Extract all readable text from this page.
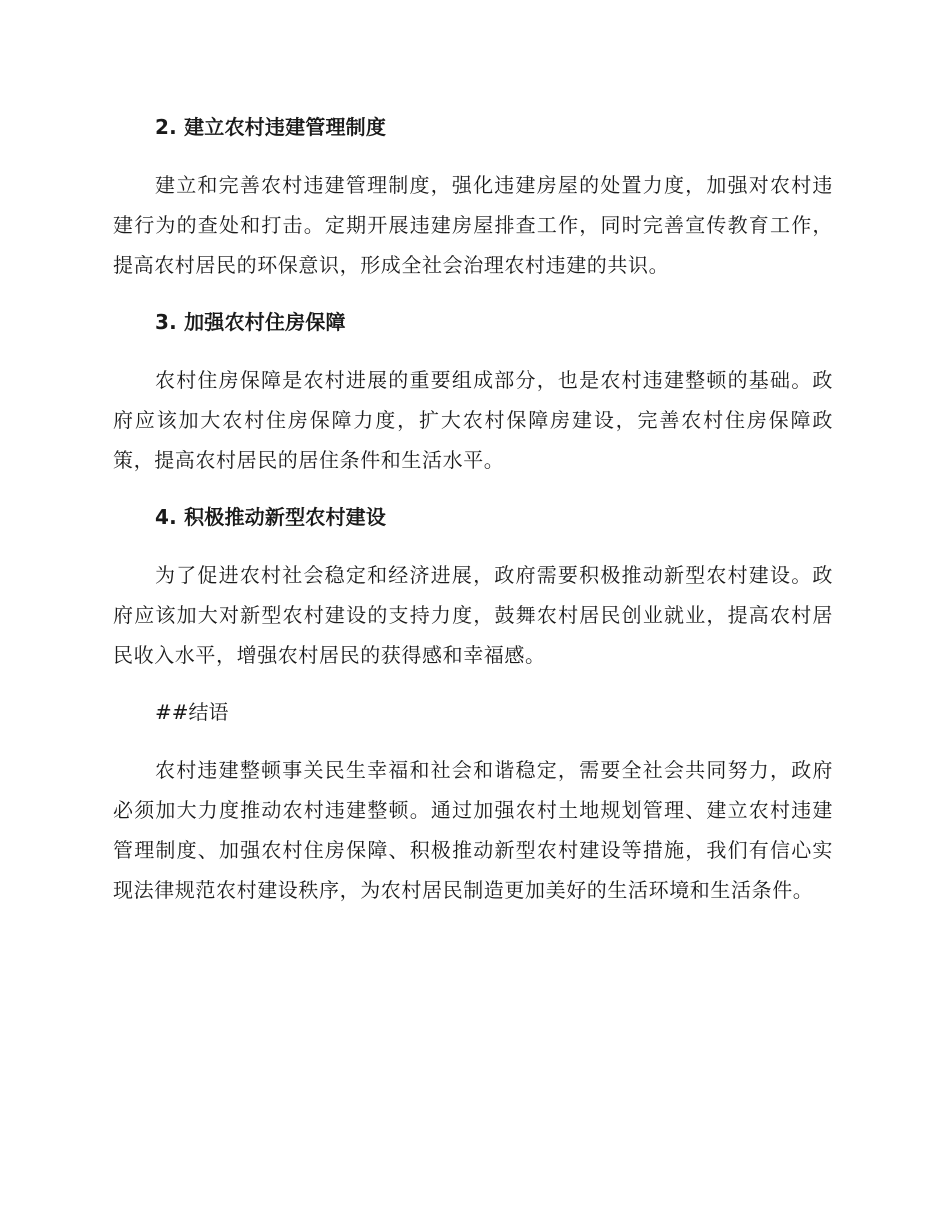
2. 建立农村违建管理制度

建立和完善农村违建管理制度，强化违建房屋的处置力度，加强对农村违建行为的查处和打击。定期开展违建房屋排查工作，同时完善宣传教育工作，提高农村居民的环保意识，形成全社会治理农村违建的共识。

3. 加强农村住房保障

农村住房保障是农村进展的重要组成部分，也是农村违建整顿的基础。政府应该加大农村住房保障力度，扩大农村保障房建设，完善农村住房保障政策，提高农村居民的居住条件和生活水平。

4. 积极推动新型农村建设

为了促进农村社会稳定和经济进展，政府需要积极推动新型农村建设。政府应该加大对新型农村建设的支持力度，鼓舞农村居民创业就业，提高农村居民收入水平，增强农村居民的获得感和幸福感。

##结语

农村违建整顿事关民生幸福和社会和谐稳定，需要全社会共同努力，政府必须加大力度推动农村违建整顿。通过加强农村土地规划管理、建立农村违建管理制度、加强农村住房保障、积极推动新型农村建设等措施，我们有信心实现法律规范农村建设秩序，为农村居民制造更加美好的生活环境和生活条件。
